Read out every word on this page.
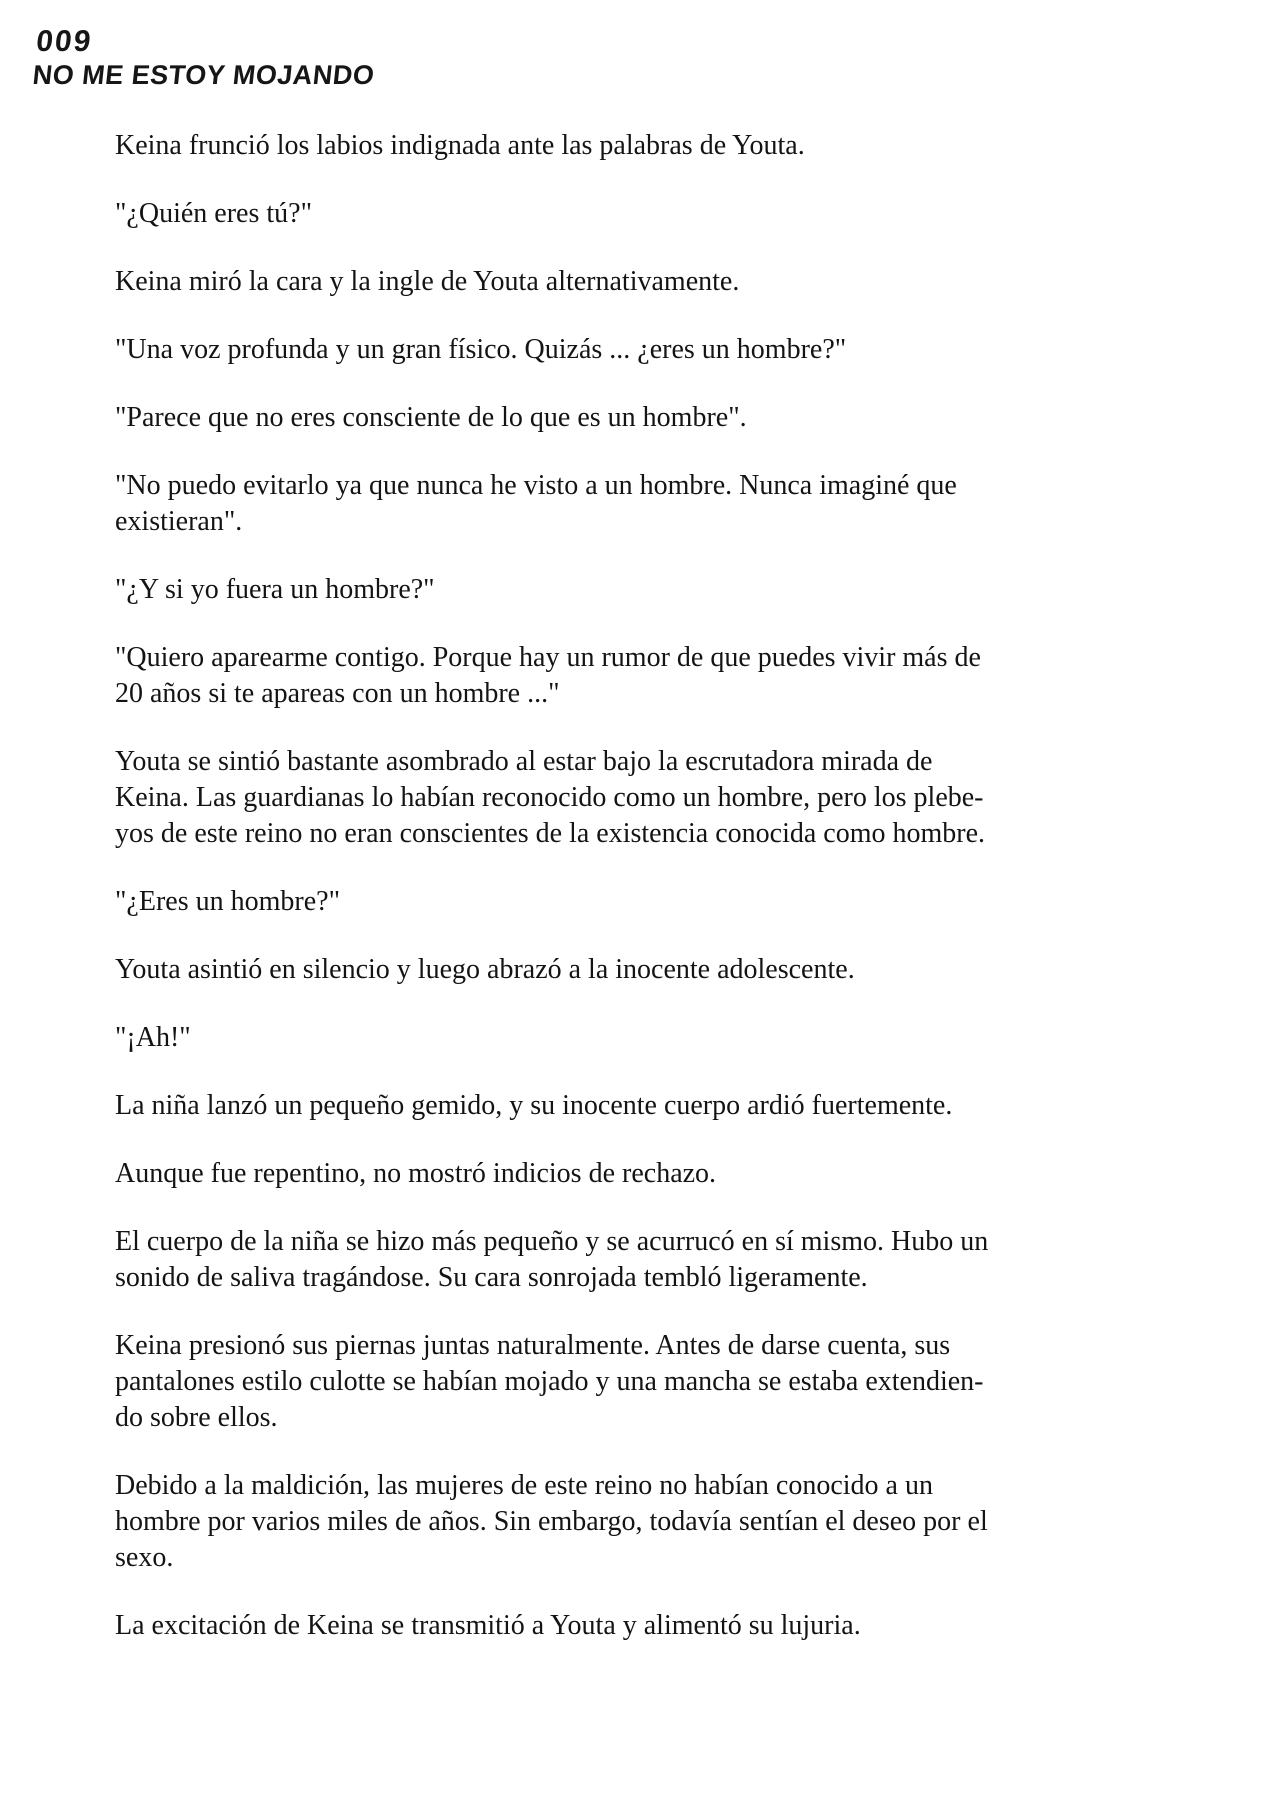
009
NO ME ESTOY MOJANDO

Keina frunció los labios indignada ante las palabras de Youta.

"¿Quién eres tú?"

Keina miró la cara y la ingle de Youta alternativamente.

"Una voz profunda y un gran físico. Quizás ... ¿eres un hombre?"

"Parece que no eres consciente de lo que es un hombre".

"No puedo evitarlo ya que nunca he visto a un hombre. Nunca imaginé que
existieran".

"¿Y si yo fuera un hombre?"

"Quiero aparearme contigo. Porque hay un rumor de que puedes vivir más de
20 años si te apareas con un hombre ..."

Youta se sintió bastante asombrado al estar bajo la escrutadora mirada de
Keina. Las guardianas lo habían reconocido como un hombre, pero los plebe-
yos de este reino no eran conscientes de la existencia conocida como hombre.

"¿Eres un hombre?"

Youta asintió en silencio y luego abrazó a la inocente adolescente.

"¡Ah!"

La niña lanzó un pequeño gemido, y su inocente cuerpo ardió fuertemente.

Aunque fue repentino, no mostró indicios de rechazo.

El cuerpo de la niña se hizo más pequeño y se acurrucó en sí mismo. Hubo un
sonido de saliva tragándose. Su cara sonrojada tembló ligeramente.

Keina presionó sus piernas juntas naturalmente. Antes de darse cuenta, sus
pantalones estilo culotte se habían mojado y una mancha se estaba extendien-
do sobre ellos.

Debido a la maldición, las mujeres de este reino no habían conocido a un
hombre por varios miles de años. Sin embargo, todavía sentían el deseo por el
sexo.

La excitación de Keina se transmitió a Youta y alimentó su lujuria.
